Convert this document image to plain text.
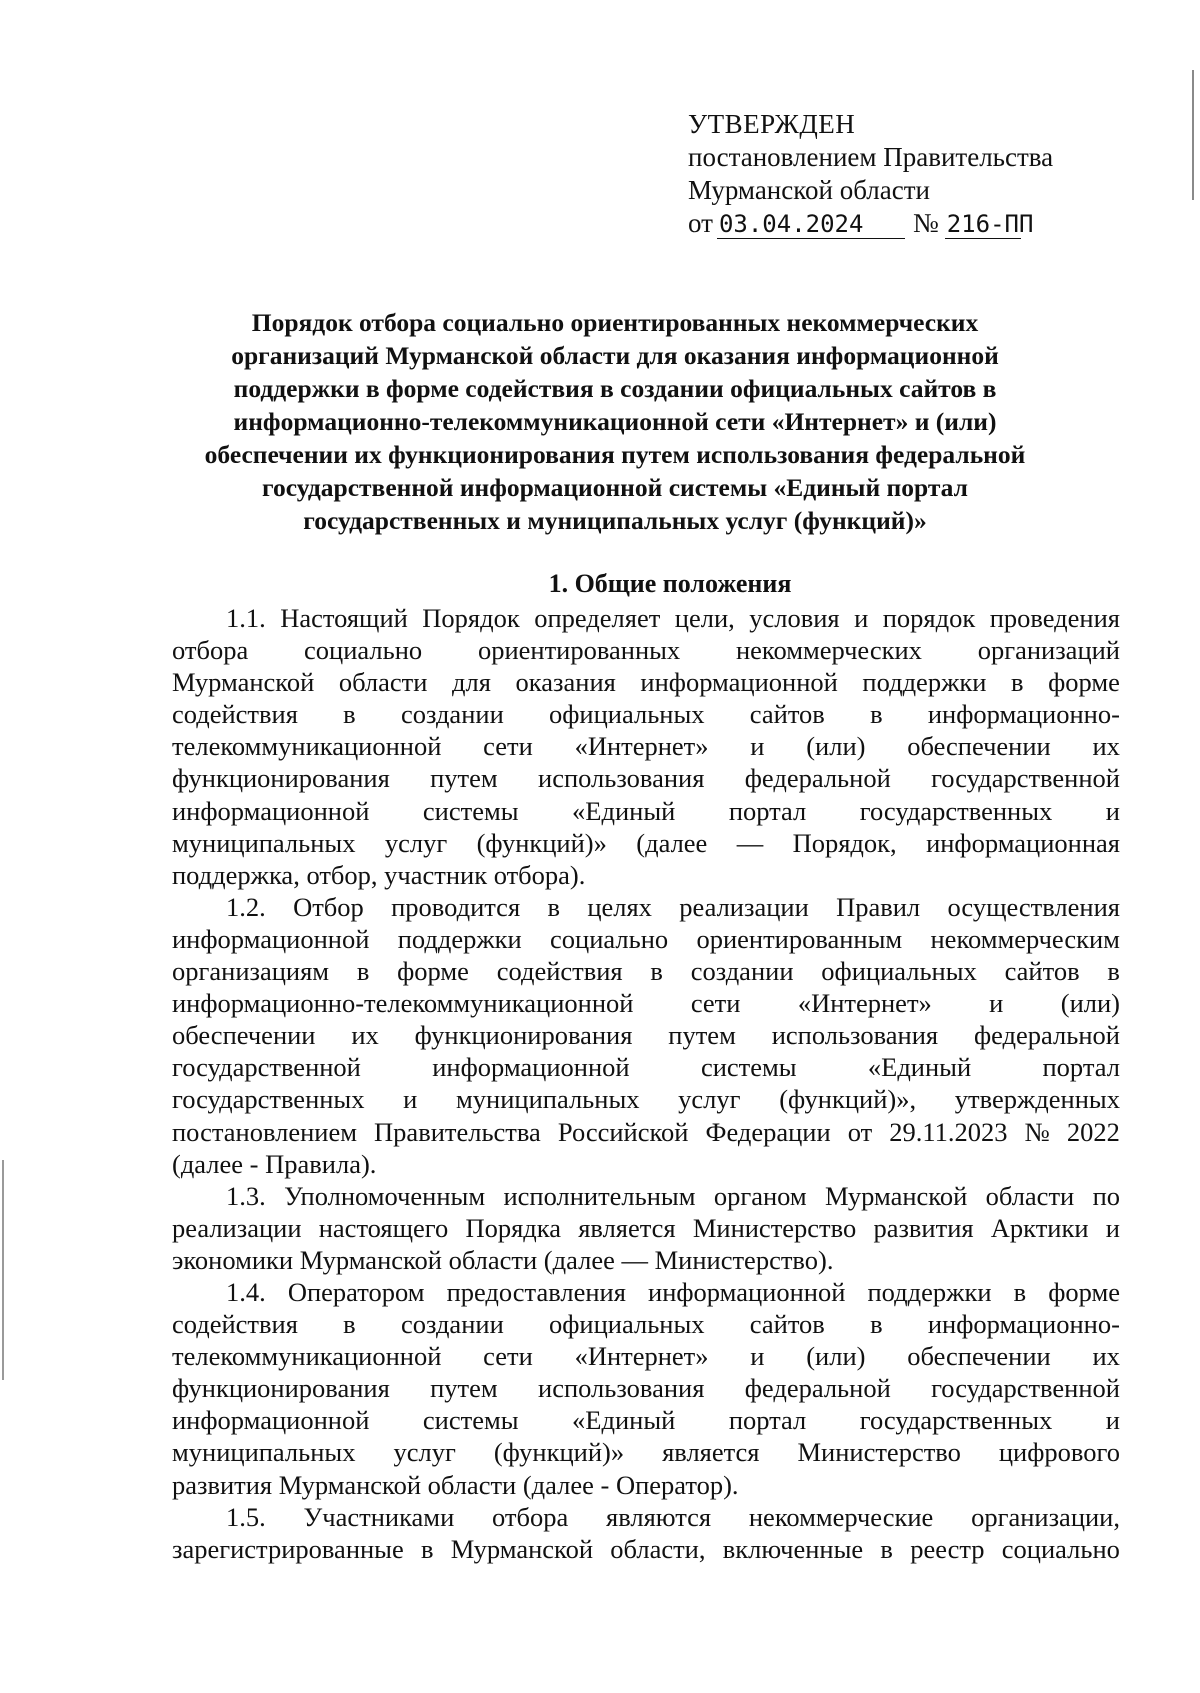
УТВЕРЖДЕН
постановлением Правительства
Мурманской области
от 03.04.2024	№ 216-ПП
Порядок отбора социально ориентированных некоммерческих
организаций Мурманской области для оказания информационной
поддержки в форме содействия в создании официальных сайтов в
информационно-телекоммуникационной сети «Интернет» и (или)
обеспечении их функционирования путем использования федеральной
государственной информационной системы «Единый портал
государственных и муниципальных услуг (функций)»
1. Общие положения
1.1. Настоящий Порядок определяет цели, условия и порядок проведения
отбора социально ориентированных некоммерческих организаций
Мурманской области для оказания информационной поддержки в форме
содействия в создании официальных сайтов в информационно-
телекоммуникационной сети «Интернет» и (или) обеспечении их
функционирования путем использования федеральной государственной
информационной системы «Единый портал государственных и
муниципальных услуг (функций)» (далее — Порядок, информационная
поддержка, отбор, участник отбора).
1.2. Отбор проводится в целях реализации Правил осуществления
информационной поддержки социально ориентированным некоммерческим
организациям в форме содействия в создании официальных сайтов в
информационно-телекоммуникационной сети «Интернет» и (или)
обеспечении их функционирования путем использования федеральной
государственной	информационной	системы	«Единый	портал
государственных и муниципальных услуг (функций)», утвержденных
постановлением Правительства Российской Федерации от 29.11.2023 № 2022
(далее - Правила).
1.3. Уполномоченным исполнительным органом Мурманской области по
реализации настоящего Порядка является Министерство развития Арктики и
экономики Мурманской области (далее — Министерство).
1.4. Оператором предоставления информационной поддержки в форме
содействия в создании официальных сайтов в информационно-
телекоммуникационной сети «Интернет» и (или) обеспечении их
функционирования путем использования федеральной государственной
информационной системы «Единый портал государственных и
муниципальных услуг (функций)» является Министерство цифрового
развития Мурманской области (далее - Оператор).
1.5. Участниками отбора являются некоммерческие организации,
зарегистрированные в Мурманской области, включенные в реестр социально
